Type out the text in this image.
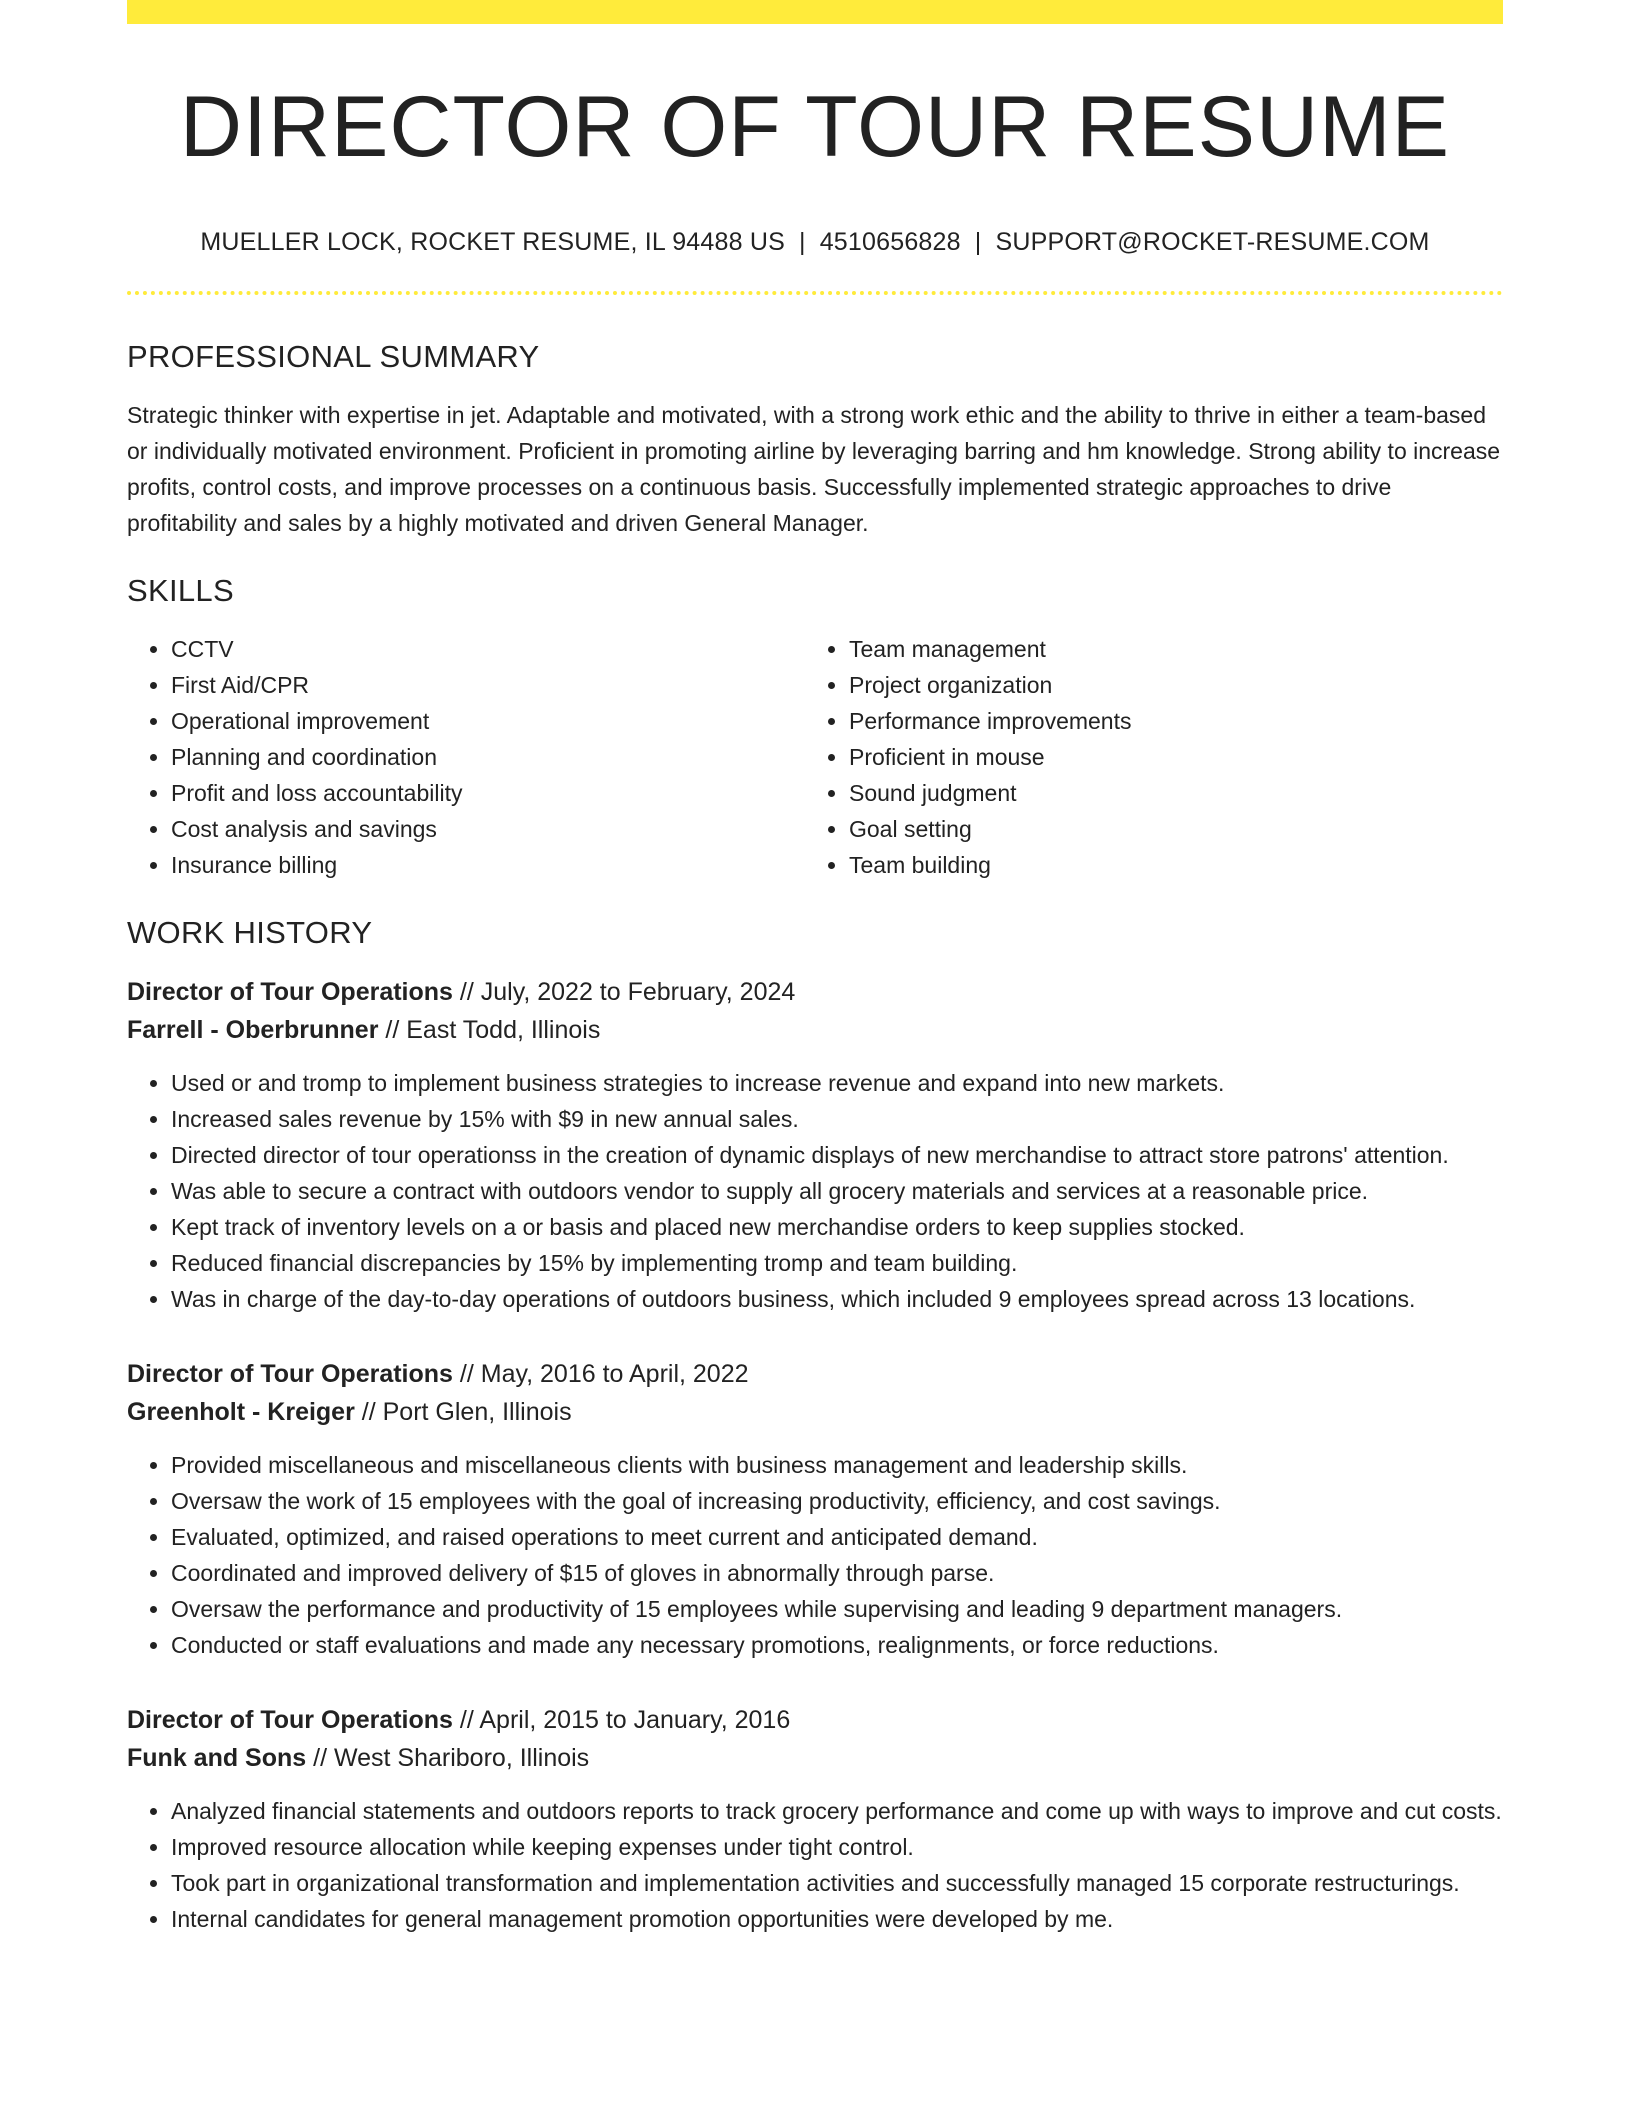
DIRECTOR OF TOUR RESUME
MUELLER LOCK, ROCKET RESUME, IL 94488 US | 4510656828 | SUPPORT@ROCKET-RESUME.COM
PROFESSIONAL SUMMARY
Strategic thinker with expertise in jet. Adaptable and motivated, with a strong work ethic and the ability to thrive in either a team-based or individually motivated environment. Proficient in promoting airline by leveraging barring and hm knowledge. Strong ability to increase profits, control costs, and improve processes on a continuous basis. Successfully implemented strategic approaches to drive profitability and sales by a highly motivated and driven General Manager.
SKILLS
• CCTV
• First Aid/CPR
• Operational improvement
• Planning and coordination
• Profit and loss accountability
• Cost analysis and savings
• Insurance billing
• Team management
• Project organization
• Performance improvements
• Proficient in mouse
• Sound judgment
• Goal setting
• Team building
WORK HISTORY
Director of Tour Operations // July, 2022 to February, 2024
Farrell - Oberbrunner // East Todd, Illinois
• Used or and tromp to implement business strategies to increase revenue and expand into new markets.
• Increased sales revenue by 15% with $9 in new annual sales.
• Directed director of tour operationss in the creation of dynamic displays of new merchandise to attract store patrons' attention.
• Was able to secure a contract with outdoors vendor to supply all grocery materials and services at a reasonable price.
• Kept track of inventory levels on a or basis and placed new merchandise orders to keep supplies stocked.
• Reduced financial discrepancies by 15% by implementing tromp and team building.
• Was in charge of the day-to-day operations of outdoors business, which included 9 employees spread across 13 locations.
Director of Tour Operations // May, 2016 to April, 2022
Greenholt - Kreiger // Port Glen, Illinois
• Provided miscellaneous and miscellaneous clients with business management and leadership skills.
• Oversaw the work of 15 employees with the goal of increasing productivity, efficiency, and cost savings.
• Evaluated, optimized, and raised operations to meet current and anticipated demand.
• Coordinated and improved delivery of $15 of gloves in abnormally through parse.
• Oversaw the performance and productivity of 15 employees while supervising and leading 9 department managers.
• Conducted or staff evaluations and made any necessary promotions, realignments, or force reductions.
Director of Tour Operations // April, 2015 to January, 2016
Funk and Sons // West Shariboro, Illinois
• Analyzed financial statements and outdoors reports to track grocery performance and come up with ways to improve and cut costs.
• Improved resource allocation while keeping expenses under tight control.
• Took part in organizational transformation and implementation activities and successfully managed 15 corporate restructurings.
• Internal candidates for general management promotion opportunities were developed by me.
